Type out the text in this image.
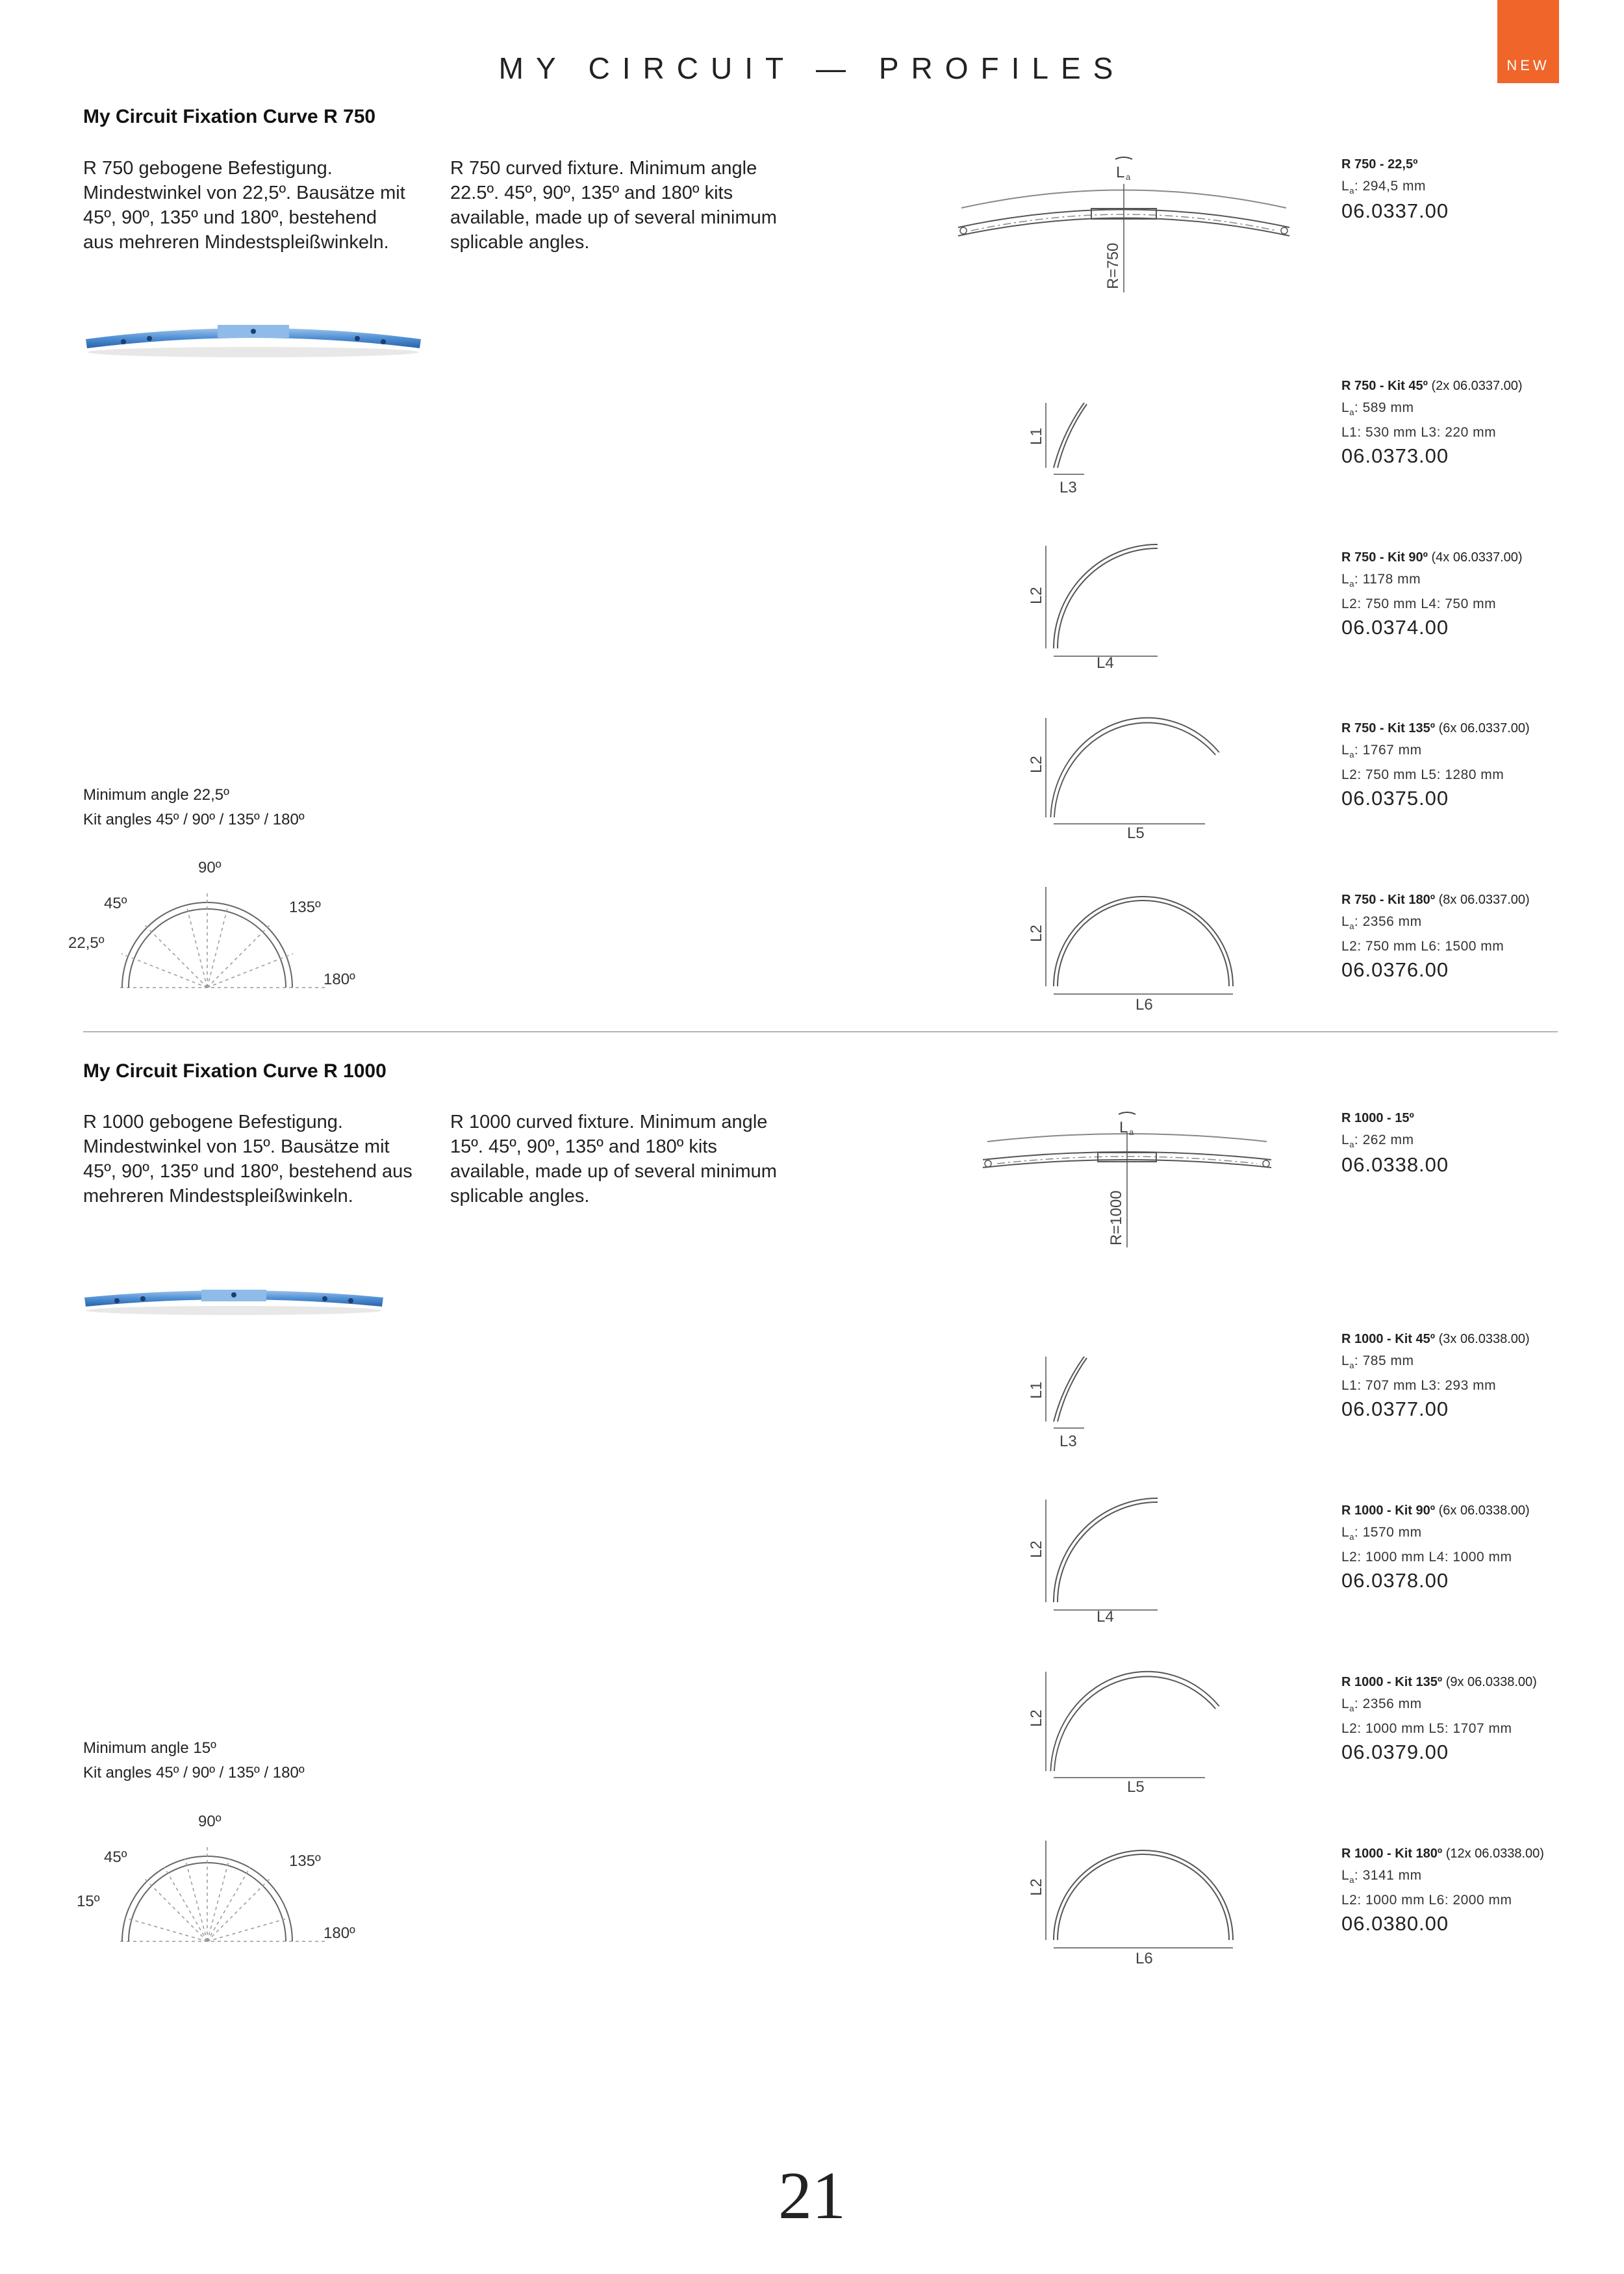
MY CIRCUIT — PROFILES	NEW
My Circuit Fixation Curve R 750
R 750 gebogene Befestigung. Mindestwinkel von 22,5º. Bausätze mit 45º, 90º, 135º und 180º, bestehend aus mehreren Mindestspleißwinkeln.
R 750 curved fixture. Minimum angle 22.5º. 45º, 90º, 135º and 180º kits available, made up of several minimum splicable angles.
Minimum angle 22,5º
Kit angles 45º / 90º / 135º / 180º
90º
45º	135º
22,5º
180º
R=750
L a
L1
L3
L2
L4
L2
L5
L2
L6
R 750 - 22,5º
$L_a$: 294,5 mm
06.0337.00
R 750 - Kit 45º (2x 06.0337.00)
$L_a$: 589 mm
L1: 530 mm L3: 220 mm
06.0373.00
R 750 - Kit 90º (4x 06.0337.00)
$L_a$: 1178 mm
L2: 750 mm L4: 750 mm
06.0374.00
R 750 - Kit 135º (6x 06.0337.00)
$L_a$: 1767 mm
L2: 750 mm L5: 1280 mm
06.0375.00
R 750 - Kit 180º (8x 06.0337.00)
$L_a$: 2356 mm
L2: 750 mm L6: 1500 mm
06.0376.00
My Circuit Fixation Curve R 1000
R 1000 gebogene Befestigung. Mindestwinkel von 15º. Bausätze mit 45º, 90º, 135º und 180º, bestehend aus mehreren Mindestspleißwinkeln.
R 1000 curved fixture. Minimum angle 15º. 45º, 90º, 135º and 180º kits available, made up of several minimum splicable angles.
Minimum angle 15º
Kit angles 45º / 90º / 135º / 180º
90º
45º	135º
15º
180º
R=1000
L a
L1
L3
L2
L4
L2
L5
L2
L6
R 1000 - 15º
$L_a$: 262 mm
06.0338.00
R 1000 - Kit 45º (3x 06.0338.00)
$L_a$: 785 mm
L1: 707 mm L3: 293 mm
06.0377.00
R 1000 - Kit 90º (6x 06.0338.00)
$L_a$: 1570 mm
L2: 1000 mm L4: 1000 mm
06.0378.00
R 1000 - Kit 135º (9x 06.0338.00)
$L_a$: 2356 mm
L2: 1000 mm L5: 1707 mm
06.0379.00
R 1000 - Kit 180º (12x 06.0338.00)
$L_a$: 3141 mm
L2: 1000 mm L6: 2000 mm
06.0380.00
21
